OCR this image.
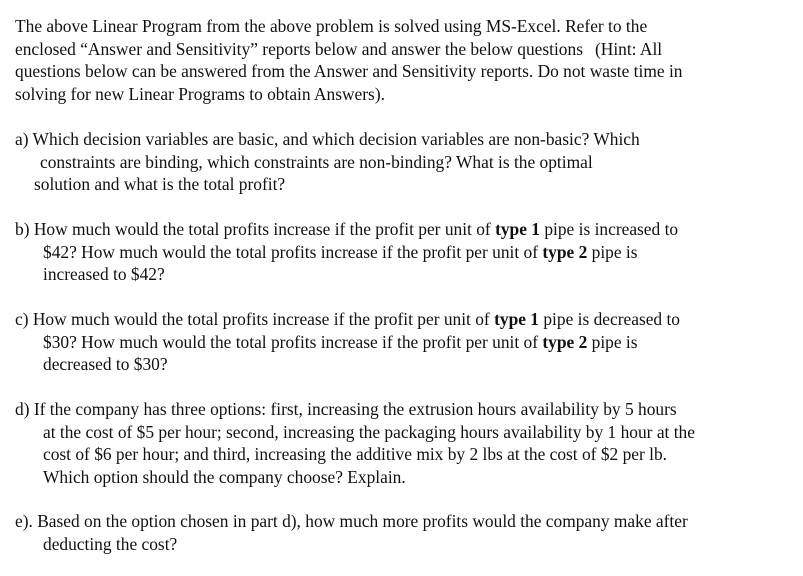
The above Linear Program from the above problem is solved using MS-Excel. Refer to the
enclosed “Answer and Sensitivity” reports below and answer the below questions (Hint: All
questions below can be answered from the Answer and Sensitivity reports. Do not waste time in
solving for new Linear Programs to obtain Answers).
a) Which decision variables are basic, and which decision variables are non-basic? Which
constraints are binding, which constraints are non-binding? What is the optimal
solution and what is the total profit?
b) How much would the total profits increase if the profit per unit of type 1 pipe is increased to
$42? How much would the total profits increase if the profit per unit of type 2 pipe is
increased to $42?
c) How much would the total profits increase if the profit per unit of type 1 pipe is decreased to
$30? How much would the total profits increase if the profit per unit of type 2 pipe is
decreased to $30?
d) If the company has three options: first, increasing the extrusion hours availability by 5 hours
at the cost of $5 per hour; second, increasing the packaging hours availability by 1 hour at the
cost of $6 per hour; and third, increasing the additive mix by 2 lbs at the cost of $2 per lb.
Which option should the company choose? Explain.
e). Based on the option chosen in part d), how much more profits would the company make after
deducting the cost?
